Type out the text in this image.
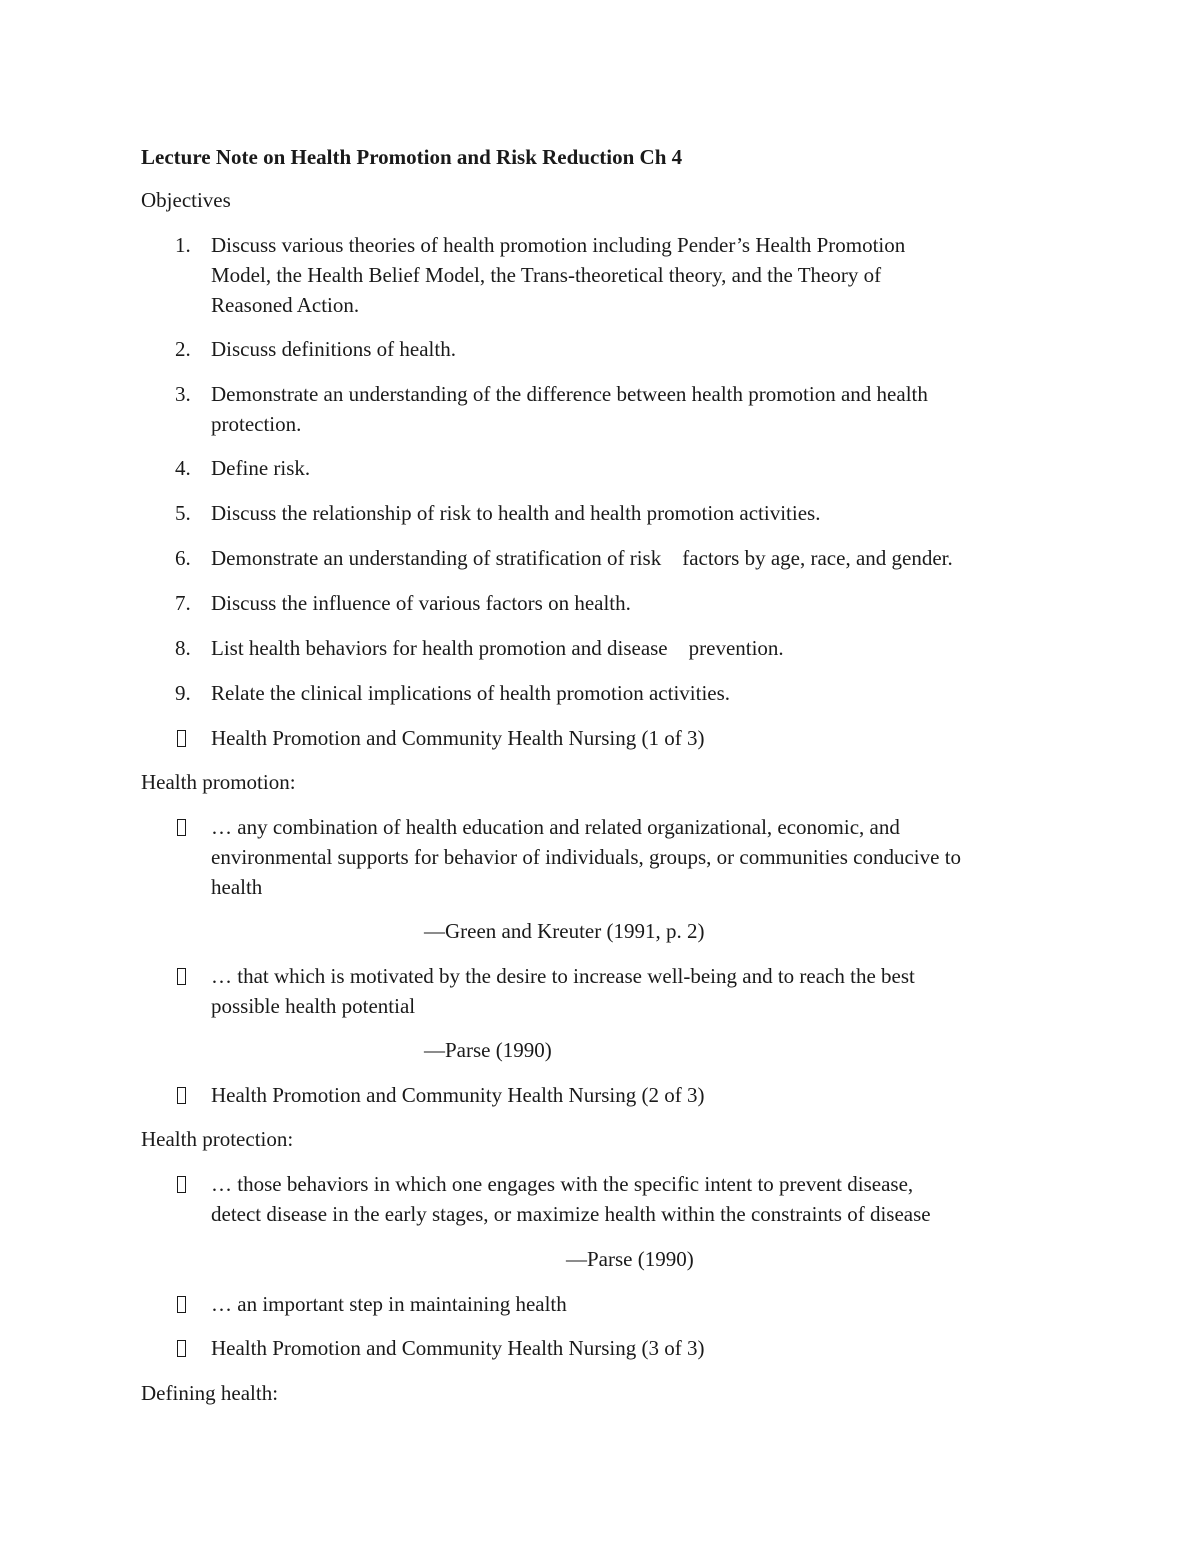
Lecture Note on Health Promotion and Risk Reduction Ch 4
Objectives
1. Discuss various theories of health promotion including Pender’s Health Promotion
Model, the Health Belief Model, the Trans-theoretical theory, and the Theory of
Reasoned Action.
2. Discuss definitions of health.
3. Demonstrate an understanding of the difference between health promotion and health
protection.
4. Define risk.
5. Discuss the relationship of risk to health and health promotion activities.
6. Demonstrate an understanding of stratification of risk    factors by age, race, and gender.
7. Discuss the influence of various factors on health.
8. List health behaviors for health promotion and disease    prevention.
9. Relate the clinical implications of health promotion activities.
Health Promotion and Community Health Nursing (1 of 3)
Health promotion:
… any combination of health education and related organizational, economic, and
environmental supports for behavior of individuals, groups, or communities conducive to
health
—Green and Kreuter (1991, p. 2)
… that which is motivated by the desire to increase well-being and to reach the best
possible health potential
—Parse (1990)
Health Promotion and Community Health Nursing (2 of 3)
Health protection:
… those behaviors in which one engages with the specific intent to prevent disease,
detect disease in the early stages, or maximize health within the constraints of disease
—Parse (1990)
… an important step in maintaining health
Health Promotion and Community Health Nursing (3 of 3)
Defining health:
